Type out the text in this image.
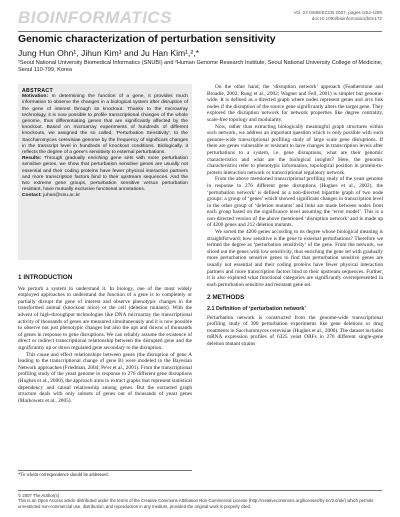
BIOINFORMATICS	Vol. 23 ISMB/ECCB 2007, pages i254–i259
doi:10.1093/bioinformatics/btm172
Genomic characterization of perturbation sensitivity
Jung Hun Ohn¹, Jihun Kim¹ and Ju Han Kim¹,²,*
¹Seoul National University Biomedical Informatics (SNUBI) and ²Human Genome Research Institute, Seoul National University College of Medicine, Seoul 110-799, Korea
ABSTRACT
Motivation: In determining the function of a gene, it provides much information to observe the changes in a biological system after disruption of the gene of interest through its knockout. Thanks to the microarray technology, it is now possible to profile transcriptional changes of the whole genome, thus differentiating genes that are significantly affected by the knockout. Based on microarray experiments of hundreds of different knockouts, we assigned the so called, ‘Perturbation Sensitivity’, to the Saccharomyces cerevisiae genome by the frequency of significant changes in the transcript level in hundreds of knockout conditions. Biologically, it reflects the degree of a gene’s sensitivity to external perturbations.
Results: Through gradually enriching gene sets with more perturbation sensitive genes, we show that perturbation sensitive genes are usually not essential and their coding proteins have fewer physical interaction partners and more transcription factors bind to their upstream sequences. And the two extreme gene groups, perturbation sensitive versus perturbation resistant, have mutually exclusive functional annotations.
Contact: juhan@snu.ac.kr
1 INTRODUCTION

We perturb a system to understand it. In biology, one of the most widely employed approaches to understand the function of a gene is to completely or partially disrupt the gene of interest and observe phenotypic changes in the transformed animal (knockout mice) or the cell (deletion mutants). With the advent of high-throughput technologies like DNA microarray the transcriptional activity of thousands of genes are measured simultaneously and it is now possible to observe not just phenotypic changes but also the ups and downs of thousands of genes in response to gene disruptions. We can reliably assume the existence of direct or indirect transcriptional relationship between the disrupted gene and the significantly up or down regulated gene secondary to the disruption.

This cause and effect relationships between genes (the disruption of gene A leading to the transcriptional change of gene B) were modeled in the Bayesian Network approaches (Friedman, 2004; Pe'er et al., 2001). From the transcriptional profiling study of the yeast genome in response to 276 different gene disruptions (Hughes et al., 2000), the approach aims to extract graphs that represent statistical dependency and causal relationship among genes. But the extracted graph structure deals with only subsets of genes out of thousands of yeast genes (Markowetz et al., 2005).

*To whom correspondence should be addressed.

On the other hand, the ‘disruption network’ approach (Featherstone and Broadie, 2002; Rung et al., 2002; Wagner and Fell, 2001) is simpler but genome-wide. It is defined as a directed graph where nodes represent genes and arcs link nodes if the disruption of the source gene significantly alters the target gene. They explored the disruption network for network properties like degree centrality, scale-free topology and modularity.

Now, rather than extracting biologically meaningful graph structures within such network, we address an important question which is only possible with such genome-wide transcriptional profiling study of large scale gene disruptions. If there are genes vulnerable or resistant to have changes in transcription levels after perturbations to a system, i.e. gene disruptions, what are their genomic characteristics and what are the biological insights? Here, the genomic characteristics refer to phenotypic information, topological position in protein-to-protein interaction network or transcriptional regulatory network.

From the above mentioned transcriptional profiling study of the yeast genome in response to 276 different gene disruptions (Hughes et al., 2002), the ‘perturbation network’ is defined as a non-directed bipartite graph of two node groups: a group of ‘genes’ which showed significant changes in transcription level in the other group of ‘deletion mutants’ and links are made between nodes from each group based on the significance level assuming the ‘error model’. This is a non-directed version of the above mentioned ‘disruption network’ and is made up of 4200 genes and 212 deletion mutants.

We sorted the 4200 genes according to its degree whose biological meaning is straightforward; how sensitive is the gene to external perturbations? Therefore we termed the degree as ‘perturbation sensitivity’ of the gene. From the network, we sliced out the genes with low sensitivity, thus enriching the gene set with gradually more perturbation sensitive genes to find that perturbation sensitive genes are usually not essential and their coding proteins have fewer physical interaction partners and more transcription factors bind to their upstream sequences. Further, it is also explored what functional categories are significantly overrepresented in each perturbation sensitive and resistant gene set.

2 METHODS
2.1 Definition of ‘perturbation network’

Perturbation network is constructed from the genome-wide transcriptional profiling study of 300 perturbation experiments like gene deletions or drug treatments in Saccharomyces cerevisiae (Hughes et al., 2000). The dataset includes mRNA expression profiles of 6325 yeast ORFs in 276 different single-gene deletion mutant strains

© 2007 The Author(s)
This is an Open Access article distributed under the terms of the Creative Commons Attribution Non-Commercial License (http://creativecommons.org/licenses/by-nc/2.0/uk/) which permits unrestricted non-commercial use, distribution, and reproduction in any medium, provided the original work is properly cited.
